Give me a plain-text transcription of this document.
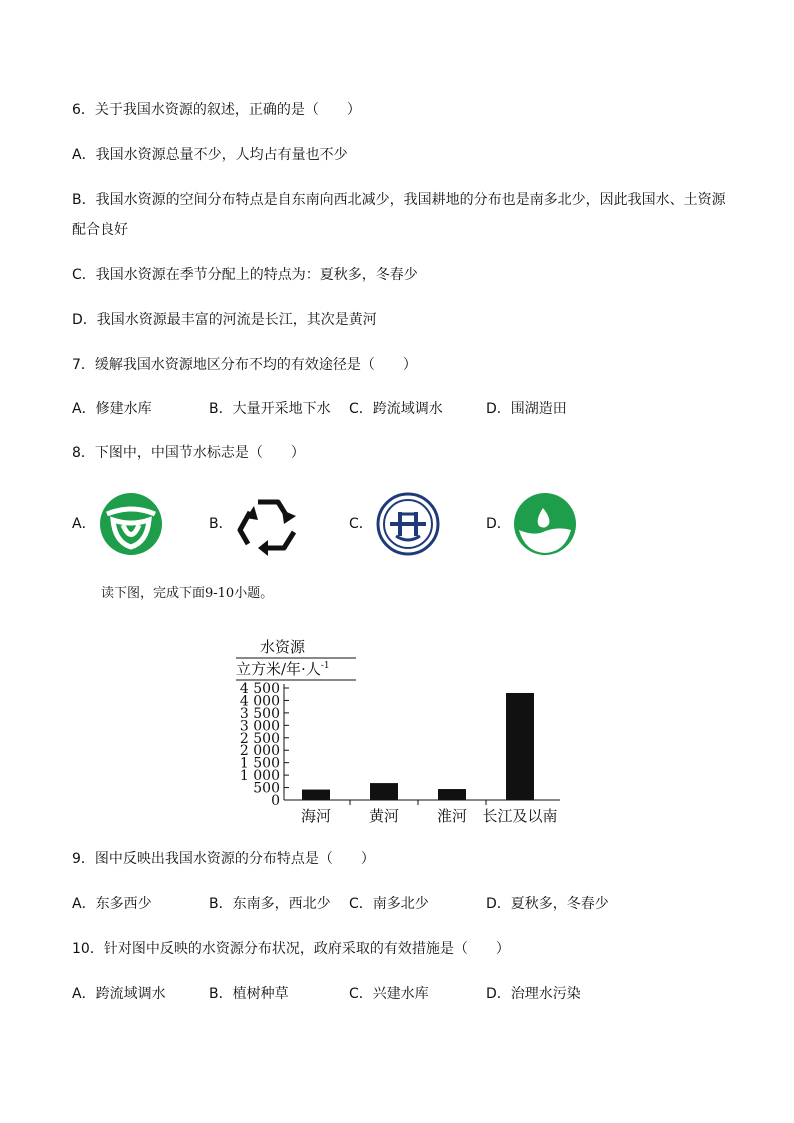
6．关于我国水资源的叙述，正确的是（　　）
A．我国水资源总量不少，人均占有量也不少
B．我国水资源的空间分布特点是自东南向西北减少，我国耕地的分布也是南多北少，因此我国水、土资源
配合良好
C．我国水资源在季节分配上的特点为：夏秋多，冬春少
D．我国水资源最丰富的河流是长江，其次是黄河
7．缓解我国水资源地区分布不均的有效途径是（　　）
A．修建水库	B．大量开采地下水 C．跨流域调水	D．围湖造田
8．下图中，中国节水标志是（　　）
A．	B．	C．	D．
读下图，完成下面9-10小题。
水资源
立方米/年·人$^{-1}$
4 500
4 000
3 500
3 000
2 500
2 000
1 500
1 000
500
0
海河	黄河	淮河 长江及以南
9．图中反映出我国水资源的分布特点是（　　）
A．东多西少	B．东南多，西北少 C．南多北少	D．夏秋多，冬春少
10．针对图中反映的水资源分布状况，政府采取的有效措施是（　　）
A．跨流域调水	B．植树种草	C．兴建水库	D．治理水污染
